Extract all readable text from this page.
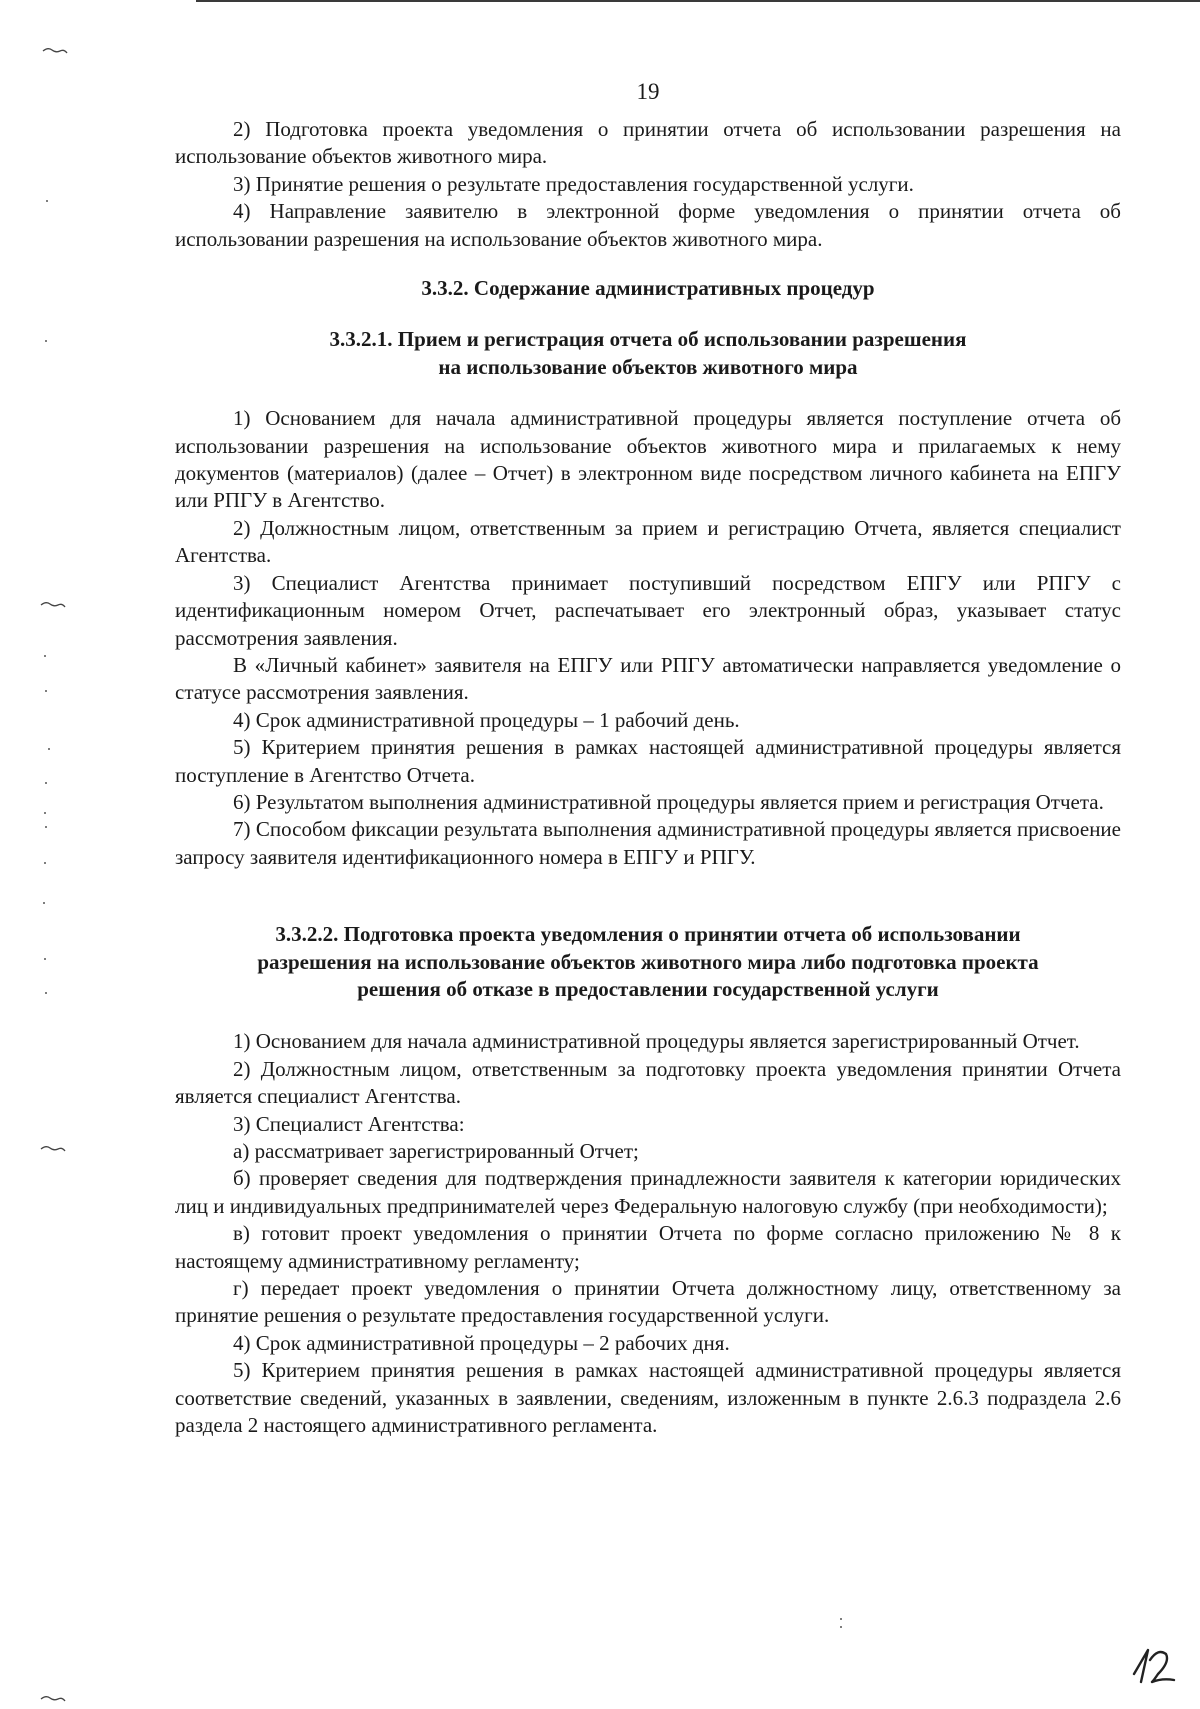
19

2) Подготовка проекта уведомления о принятии отчета об использовании разрешения на использование объектов животного мира.

3) Принятие решения о результате предоставления государственной услуги.

4) Направление заявителю в электронной форме уведомления о принятии отчета об использовании разрешения на использование объектов животного мира.

3.3.2. Содержание административных процедур
3.3.2.1. Прием и регистрация отчета об использовании разрешения
на использование объектов животного мира

1) Основанием для начала административной процедуры является поступление отчета об использовании разрешения на использование объектов животного мира и прилагаемых к нему документов (материалов) (далее – Отчет) в электронном виде посредством личного кабинета на ЕПГУ или РПГУ в Агентство.

2) Должностным лицом, ответственным за прием и регистрацию Отчета, является специалист Агентства.

3) Специалист Агентства принимает поступивший посредством ЕПГУ или РПГУ с идентификационным номером Отчет, распечатывает его электронный образ, указывает статус рассмотрения заявления.

В «Личный кабинет» заявителя на ЕПГУ или РПГУ автоматически направляется уведомление о статусе рассмотрения заявления.

4) Срок административной процедуры – 1 рабочий день.

5) Критерием принятия решения в рамках настоящей административной процедуры является поступление в Агентство Отчета.

6) Результатом выполнения административной процедуры является прием и регистрация Отчета.

7) Способом фиксации результата выполнения административной процедуры является присвоение запросу заявителя идентификационного номера в ЕПГУ и РПГУ.

3.3.2.2. Подготовка проекта уведомления о принятии отчета об использовании
разрешения на использование объектов животного мира либо подготовка проекта
решения об отказе в предоставлении государственной услуги

1) Основанием для начала административной процедуры является зарегистрированный Отчет.

2) Должностным лицом, ответственным за подготовку проекта уведомления принятии Отчета является специалист Агентства.

3) Специалист Агентства:

а) рассматривает зарегистрированный Отчет;

б) проверяет сведения для подтверждения принадлежности заявителя к категории юридических лиц и индивидуальных предпринимателей через Федеральную налоговую службу (при необходимости);

в) готовит проект уведомления о принятии Отчета по форме согласно приложению № 8 к настоящему административному регламенту;

г) передает проект уведомления о принятии Отчета должностному лицу, ответственному за принятие решения о результате предоставления государственной услуги.

4) Срок административной процедуры – 2 рабочих дня.

5) Критерием принятия решения в рамках настоящей административной процедуры является соответствие сведений, указанных в заявлении, сведениям, изложенным в пункте 2.6.3 подраздела 2.6 раздела 2 настоящего административного регламента.
